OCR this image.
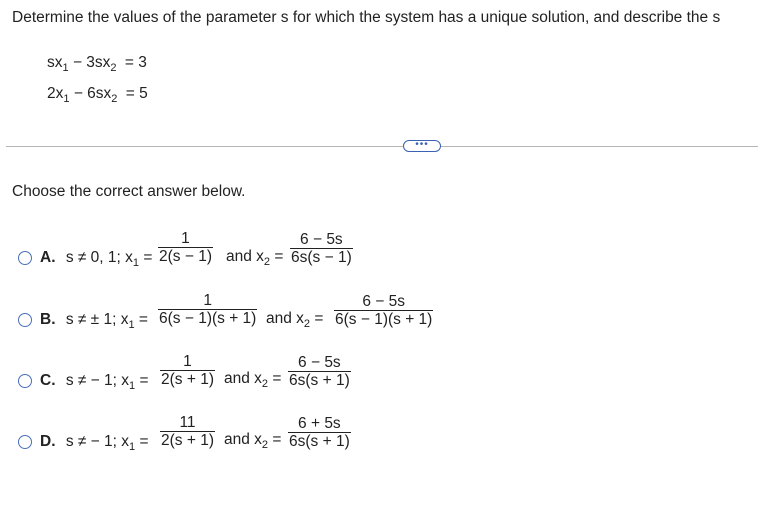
Determine the values of the parameter s for which the system has a unique solution, and describe the s
$sx_1 - 3sx_2 = 3$
$2x_1 - 6sx_2 = 5$
•••
Choose the correct answer below.
A. s ≠ 0, 1; $x_1 = \frac{1}{2(s - 1)}$ and $x_2 = \frac{6 - 5s}{6s(s - 1)}$
B. s ≠ ± 1; $x_1 = \frac{1}{6(s - 1)(s + 1)}$ and $x_2 = \frac{6 - 5s}{6(s - 1)(s + 1)}$
C. s ≠ − 1; $x_1 = \frac{1}{2(s + 1)}$ and $x_2 = \frac{6 - 5s}{6s(s + 1)}$
D. s ≠ − 1; $x_1 = \frac{11}{2(s + 1)}$ and $x_2 = \frac{6 + 5s}{6s(s + 1)}$
